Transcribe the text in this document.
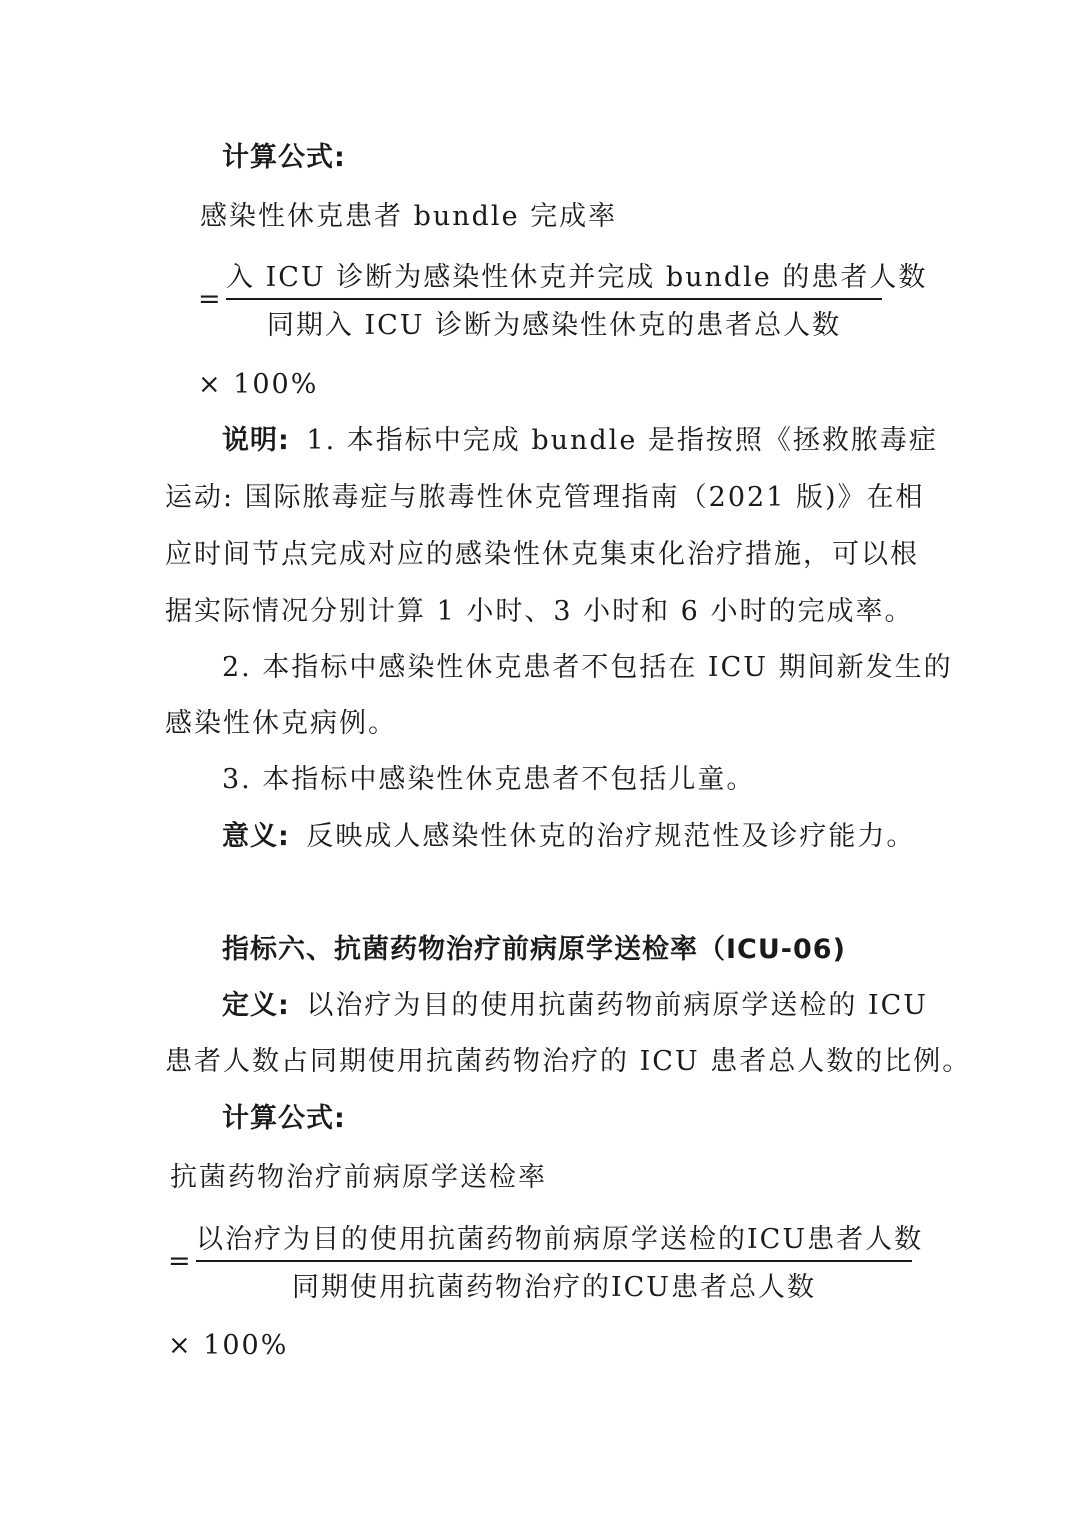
计算公式:
感染性休克患者 bundle 完成率
=
入 ICU 诊断为感染性休克并完成 bundle 的患者人数
同期入 ICU 诊断为感染性休克的患者总人数
× 100%
说明: 1. 本指标中完成 bundle 是指按照《拯救脓毒症
运动: 国际脓毒症与脓毒性休克管理指南（2021 版)》在相
应时间节点完成对应的感染性休克集束化治疗措施，可以根
据实际情况分别计算 1 小时、3 小时和 6 小时的完成率。
2. 本指标中感染性休克患者不包括在 ICU 期间新发生的
感染性休克病例。
3. 本指标中感染性休克患者不包括儿童。
意义: 反映成人感染性休克的治疗规范性及诊疗能力。
指标六、抗菌药物治疗前病原学送检率（ICU-06)
定义: 以治疗为目的使用抗菌药物前病原学送检的 ICU
患者人数占同期使用抗菌药物治疗的 ICU 患者总人数的比例。
计算公式:
抗菌药物治疗前病原学送检率
=
以治疗为目的使用抗菌药物前病原学送检的ICU患者人数
同期使用抗菌药物治疗的ICU患者总人数
× 100%
